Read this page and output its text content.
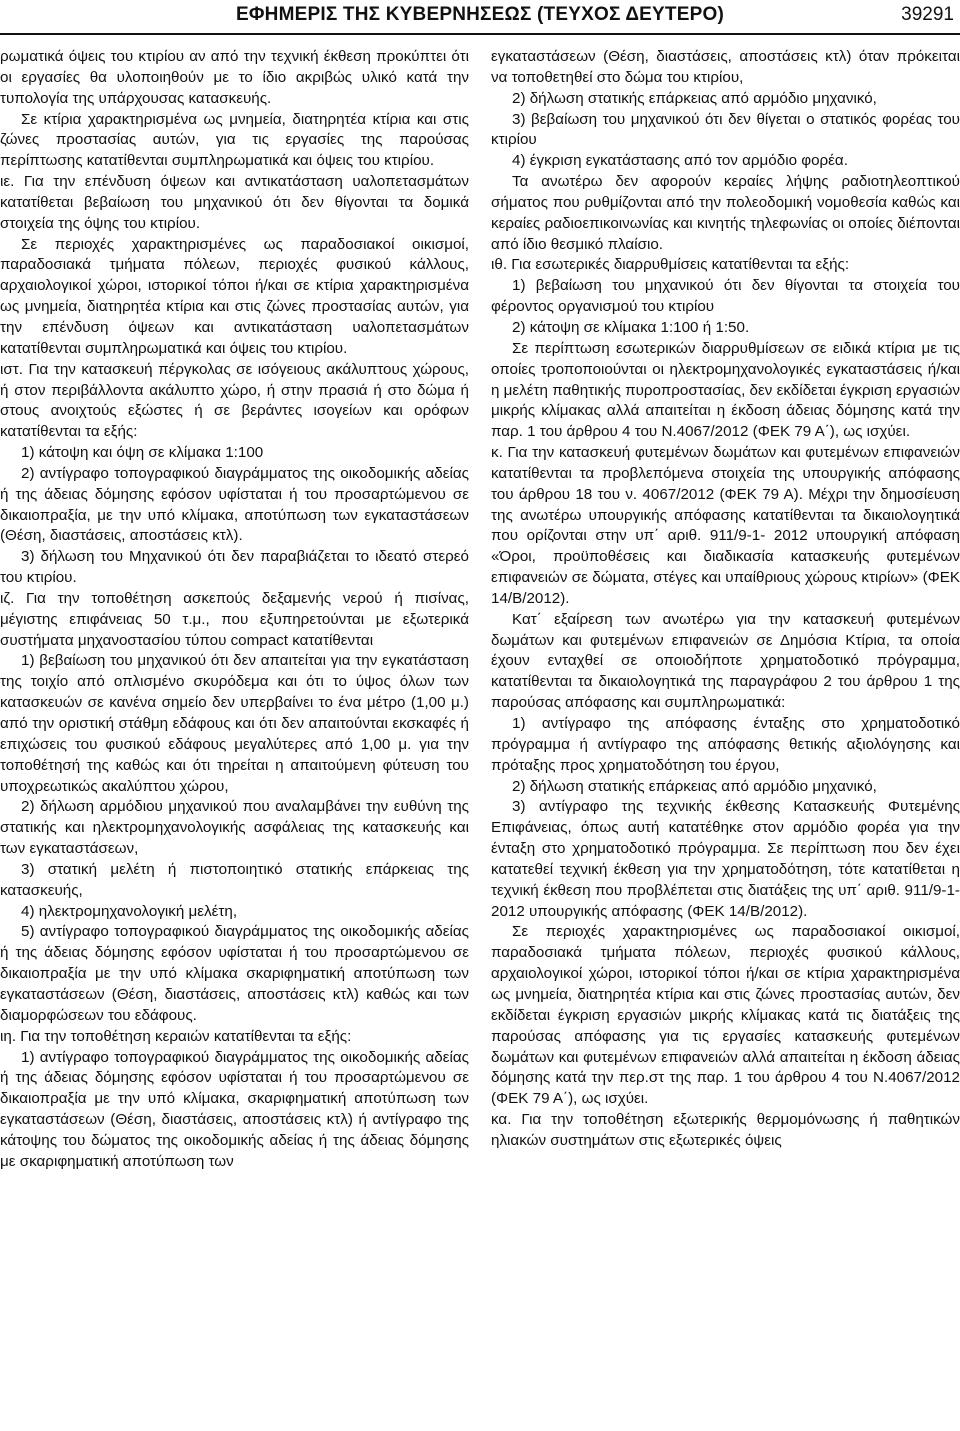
ΕΦΗΜΕΡΙΣ ΤΗΣ ΚΥΒΕΡΝΗΣΕΩΣ (ΤΕΥΧΟΣ ΔΕΥΤΕΡΟ)	39291

ρωματικά όψεις του κτιρίου αν από την τεχνική έκθεση προκύπτει ότι οι εργασίες θα υλοποιηθούν με το ίδιο ακριβώς υλικό κατά την τυπολογία της υπάρχουσας κατασκευής.

Σε κτίρια χαρακτηρισμένα ως μνημεία, διατηρητέα κτίρια και στις ζώνες προστασίας αυτών, για τις εργασίες της παρούσας περίπτωσης κατατίθενται συμπληρωματικά και όψεις του κτιρίου.

ιε. Για την επένδυση όψεων και αντικατάσταση υαλοπετασμάτων κατατίθεται βεβαίωση του μηχανικού ότι δεν θίγονται τα δομικά στοιχεία της όψης του κτιρίου.

Σε περιοχές χαρακτηρισμένες ως παραδοσιακοί οικισμοί, παραδοσιακά τμήματα πόλεων, περιοχές φυσικού κάλλους, αρχαιολογικοί χώροι, ιστορικοί τόποι ή/και σε κτίρια χαρακτηρισμένα ως μνημεία, διατηρητέα κτίρια και στις ζώνες προστασίας αυτών, για την επένδυση όψεων και αντικατάσταση υαλοπετασμάτων κατατίθενται συμπληρωματικά και όψεις του κτιρίου.

ιστ. Για την κατασκευή πέργκολας σε ισόγειους ακάλυπτους χώρους, ή στον περιβάλλοντα ακάλυπτο χώρο, ή στην πρασιά ή στο δώμα ή στους ανοιχτούς εξώστες ή σε βεράντες ισογείων και ορόφων κατατίθενται τα εξής:

1) κάτοψη και όψη σε κλίμακα 1:100

2) αντίγραφο τοπογραφικού διαγράμματος της οικοδομικής αδείας ή της άδειας δόμησης εφόσον υφίσταται ή του προσαρτώμενου σε δικαιοπραξία, με την υπό κλίμακα, αποτύπωση των εγκαταστάσεων (Θέση, διαστάσεις, αποστάσεις κτλ).

3) δήλωση του Μηχανικού ότι δεν παραβιάζεται το ιδεατό στερεό του κτιρίου.

ιζ. Για την τοποθέτηση ασκεπούς δεξαμενής νερού ή πισίνας, μέγιστης επιφάνειας 50 τ.μ., που εξυπηρετούνται με εξωτερικά συστήματα μηχανοστασίου τύπου compact κατατίθενται

1) βεβαίωση του μηχανικού ότι δεν απαιτείται για την εγκατάσταση της τοιχίο από οπλισμένο σκυρόδεμα και ότι το ύψος όλων των κατασκευών σε κανένα σημείο δεν υπερβαίνει το ένα μέτρο (1,00 μ.) από την οριστική στάθμη εδάφους και ότι δεν απαιτούνται εκσκαφές ή επιχώσεις του φυσικού εδάφους μεγαλύτερες από 1,00 μ. για την τοποθέτησή της καθώς και ότι τηρείται η απαιτούμενη φύτευση του υποχρεωτικώς ακαλύπτου χώρου,

2) δήλωση αρμόδιου μηχανικού που αναλαμβάνει την ευθύνη της στατικής και ηλεκτρομηχανολογικής ασφάλειας της κατασκευής και των εγκαταστάσεων,

3) στατική μελέτη ή πιστοποιητικό στατικής επάρκειας της κατασκευής,

4) ηλεκτρομηχανολογική μελέτη,

5) αντίγραφο τοπογραφικού διαγράμματος της οικοδομικής αδείας ή της άδειας δόμησης εφόσον υφίσταται ή του προσαρτώμενου σε δικαιοπραξία με την υπό κλίμακα σκαριφηματική αποτύπωση των εγκαταστάσεων (Θέση, διαστάσεις, αποστάσεις κτλ) καθώς και των διαμορφώσεων του εδάφους.

ιη. Για την τοποθέτηση κεραιών κατατίθενται τα εξής:

1) αντίγραφο τοπογραφικού διαγράμματος της οικοδομικής αδείας ή της άδειας δόμησης εφόσον υφίσταται ή του προσαρτώμενου σε δικαιοπραξία με την υπό κλίμακα, σκαριφηματική αποτύπωση των εγκαταστάσεων (Θέση, διαστάσεις, αποστάσεις κτλ) ή αντίγραφο της κάτοψης του δώματος της οικοδομικής αδείας ή της άδειας δόμησης με σκαριφηματική αποτύπωση των

εγκαταστάσεων (Θέση, διαστάσεις, αποστάσεις κτλ) όταν πρόκειται να τοποθετηθεί στο δώμα του κτιρίου,

2) δήλωση στατικής επάρκειας από αρμόδιο μηχανικό,

3) βεβαίωση του μηχανικού ότι δεν θίγεται ο στατικός φορέας του κτιρίου

4) έγκριση εγκατάστασης από τον αρμόδιο φορέα.

Τα ανωτέρω δεν αφορούν κεραίες λήψης ραδιοτηλεοπτικού σήματος που ρυθμίζονται από την πολεοδομική νομοθεσία καθώς και κεραίες ραδιοεπικοινωνίας και κινητής τηλεφωνίας οι οποίες διέπονται από ίδιο θεσμικό πλαίσιο.

ιθ. Για εσωτερικές διαρρυθμίσεις κατατίθενται τα εξής:

1) βεβαίωση του μηχανικού ότι δεν θίγονται τα στοιχεία του φέροντος οργανισμού του κτιρίου

2) κάτοψη σε κλίμακα 1:100 ή 1:50.

Σε περίπτωση εσωτερικών διαρρυθμίσεων σε ειδικά κτίρια με τις οποίες τροποποιούνται οι ηλεκτρομηχανολογικές εγκαταστάσεις ή/και η μελέτη παθητικής πυροπροστασίας, δεν εκδίδεται έγκριση εργασιών μικρής κλίμακας αλλά απαιτείται η έκδοση άδειας δόμησης κατά την παρ. 1 του άρθρου 4 του Ν.4067/2012 (ΦΕΚ 79 Α΄), ως ισχύει.

κ. Για την κατασκευή φυτεμένων δωμάτων και φυτεμένων επιφανειών κατατίθενται τα προβλεπόμενα στοιχεία της υπουργικής απόφασης του άρθρου 18 του ν. 4067/2012 (ΦΕΚ 79 Α). Μέχρι την δημοσίευση της ανωτέρω υπουργικής απόφασης κατατίθενται τα δικαιολογητικά που ορίζονται στην υπ΄ αριθ. 911/9-1- 2012 υπουργική απόφαση «Όροι, προϋποθέσεις και διαδικασία κατασκευής φυτεμένων επιφανειών σε δώματα, στέγες και υπαίθριους χώρους κτιρίων» (ΦΕΚ 14/Β/2012).

Κατ΄ εξαίρεση των ανωτέρω για την κατασκευή φυτεμένων δωμάτων και φυτεμένων επιφανειών σε Δημόσια Κτίρια, τα οποία έχουν ενταχθεί σε οποιοδήποτε χρηματοδοτικό πρόγραμμα, κατατίθενται τα δικαιολογητικά της παραγράφου 2 του άρθρου 1 της παρούσας απόφασης και συμπληρωματικά:

1) αντίγραφο της απόφασης ένταξης στο χρηματοδοτικό πρόγραμμα ή αντίγραφο της απόφασης θετικής αξιολόγησης και πρόταξης προς χρηματοδότηση του έργου,

2) δήλωση στατικής επάρκειας από αρμόδιο μηχανικό,

3) αντίγραφο της τεχνικής έκθεσης Κατασκευής Φυτεμένης Επιφάνειας, όπως αυτή κατατέθηκε στον αρμόδιο φορέα για την ένταξη στο χρηματοδοτικό πρόγραμμα. Σε περίπτωση που δεν έχει κατατεθεί τεχνική έκθεση για την χρηματοδότηση, τότε κατατίθεται η τεχνική έκθεση που προβλέπεται στις διατάξεις της υπ΄ αριθ. 911/9-1- 2012 υπουργικής απόφασης (ΦΕΚ 14/Β/2012).

Σε περιοχές χαρακτηρισμένες ως παραδοσιακοί οικισμοί, παραδοσιακά τμήματα πόλεων, περιοχές φυσικού κάλλους, αρχαιολογικοί χώροι, ιστορικοί τόποι ή/και σε κτίρια χαρακτηρισμένα ως μνημεία, διατηρητέα κτίρια και στις ζώνες προστασίας αυτών, δεν εκδίδεται έγκριση εργασιών μικρής κλίμακας κατά τις διατάξεις της παρούσας απόφασης για τις εργασίες κατασκευής φυτεμένων δωμάτων και φυτεμένων επιφανειών αλλά απαιτείται η έκδοση άδειας δόμησης κατά την περ.στ της παρ. 1 του άρθρου 4 του Ν.4067/2012 (ΦΕΚ 79 Α΄), ως ισχύει.

κα. Για την τοποθέτηση εξωτερικής θερμομόνωσης ή παθητικών ηλιακών συστημάτων στις εξωτερικές όψεις
